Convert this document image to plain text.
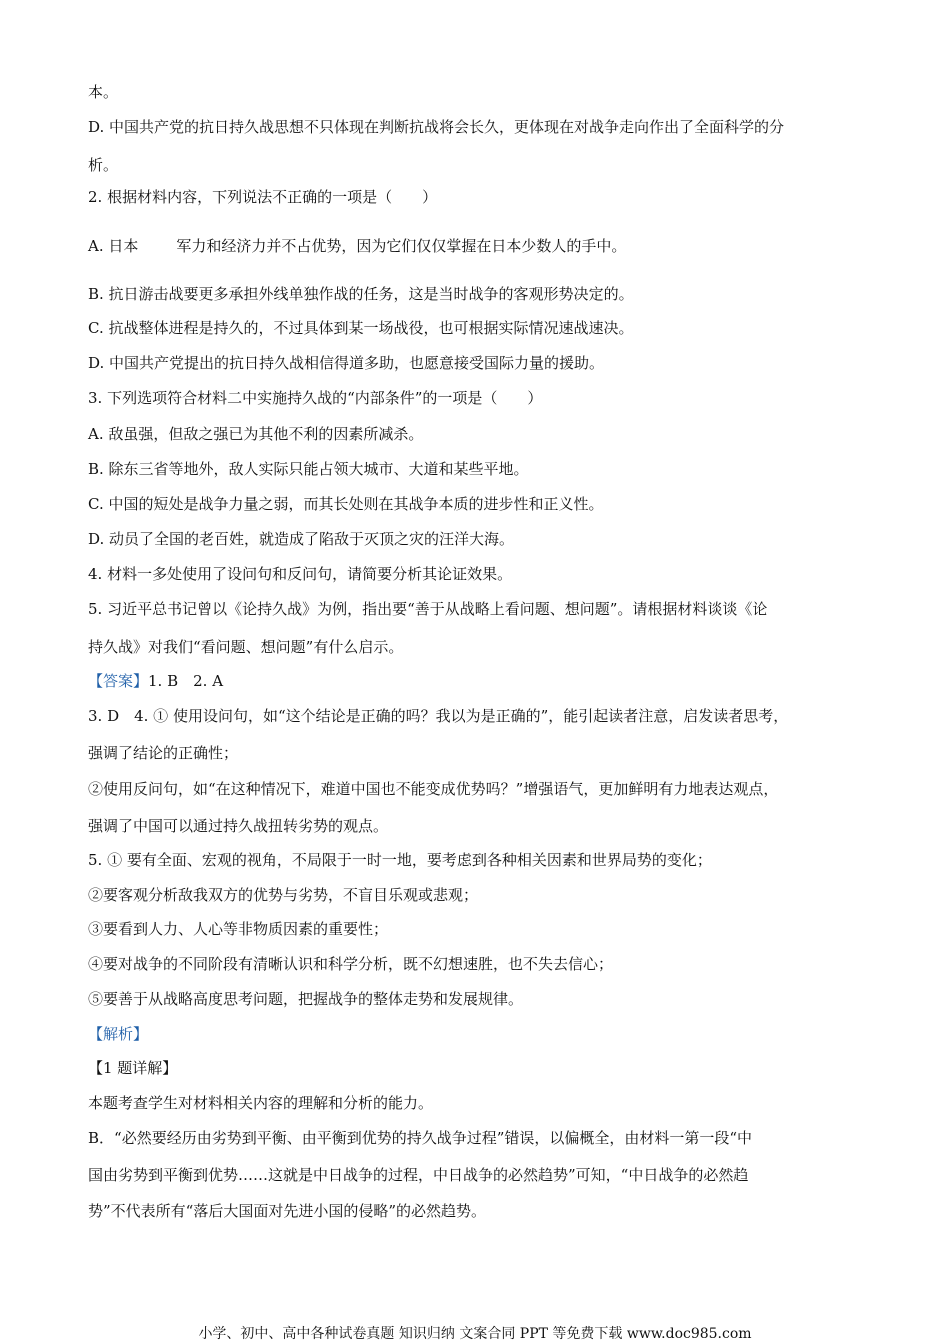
本。
D. 中国共产党的抗日持久战思想不只体现在判断抗战将会长久，更体现在对战争走向作出了全面科学的分
析。
2. 根据材料内容，下列说法不正确的一项是（　　）
A. 日本	军力和经济力并不占优势，因为它们仅仅掌握在日本少数人的手中。
B. 抗日游击战要更多承担外线单独作战的任务，这是当时战争的客观形势决定的。
C. 抗战整体进程是持久的，不过具体到某一场战役，也可根据实际情况速战速决。
D. 中国共产党提出的抗日持久战相信得道多助，也愿意接受国际力量的援助。
3. 下列选项符合材料二中实施持久战的“内部条件”的一项是（　　）
A. 敌虽强，但敌之强已为其他不利的因素所减杀。
B. 除东三省等地外，敌人实际只能占领大城市、大道和某些平地。
C. 中国的短处是战争力量之弱，而其长处则在其战争本质的进步性和正义性。
D. 动员了全国的老百姓，就造成了陷敌于灭顶之灾的汪洋大海。
4. 材料一多处使用了设问句和反问句，请简要分析其论证效果。
5. 习近平总书记曾以《论持久战》为例，指出要“善于从战略上看问题、想问题”。请根据材料谈谈《论
持久战》对我们“看问题、想问题”有什么启示。
【答案】1. B　2. A
3. D　4. ① 使用设问句，如“这个结论是正确的吗？我以为是正确的”，能引起读者注意，启发读者思考，
强调了结论的正确性；
②使用反问句，如“在这种情况下，难道中国也不能变成优势吗？”增强语气，更加鲜明有力地表达观点，
强调了中国可以通过持久战扭转劣势的观点。
5. ① 要有全面、宏观的视角，不局限于一时一地，要考虑到各种相关因素和世界局势的变化；
②要客观分析敌我双方的优势与劣势，不盲目乐观或悲观；
③要看到人力、人心等非物质因素的重要性；
④要对战争的不同阶段有清晰认识和科学分析，既不幻想速胜，也不失去信心；
⑤要善于从战略高度思考问题，把握战争的整体走势和发展规律。
【解析】
【1 题详解】
本题考查学生对材料相关内容的理解和分析的能力。
B．“必然要经历由劣势到平衡、由平衡到优势的持久战争过程”错误，以偏概全，由材料一第一段“中
国由劣势到平衡到优势……这就是中日战争的过程，中日战争的必然趋势”可知，“中日战争的必然趋
势”不代表所有“落后大国面对先进小国的侵略”的必然趋势。
小学、初中、高中各种试卷真题 知识归纳 文案合同 PPT 等免费下载 www.doc985.com
